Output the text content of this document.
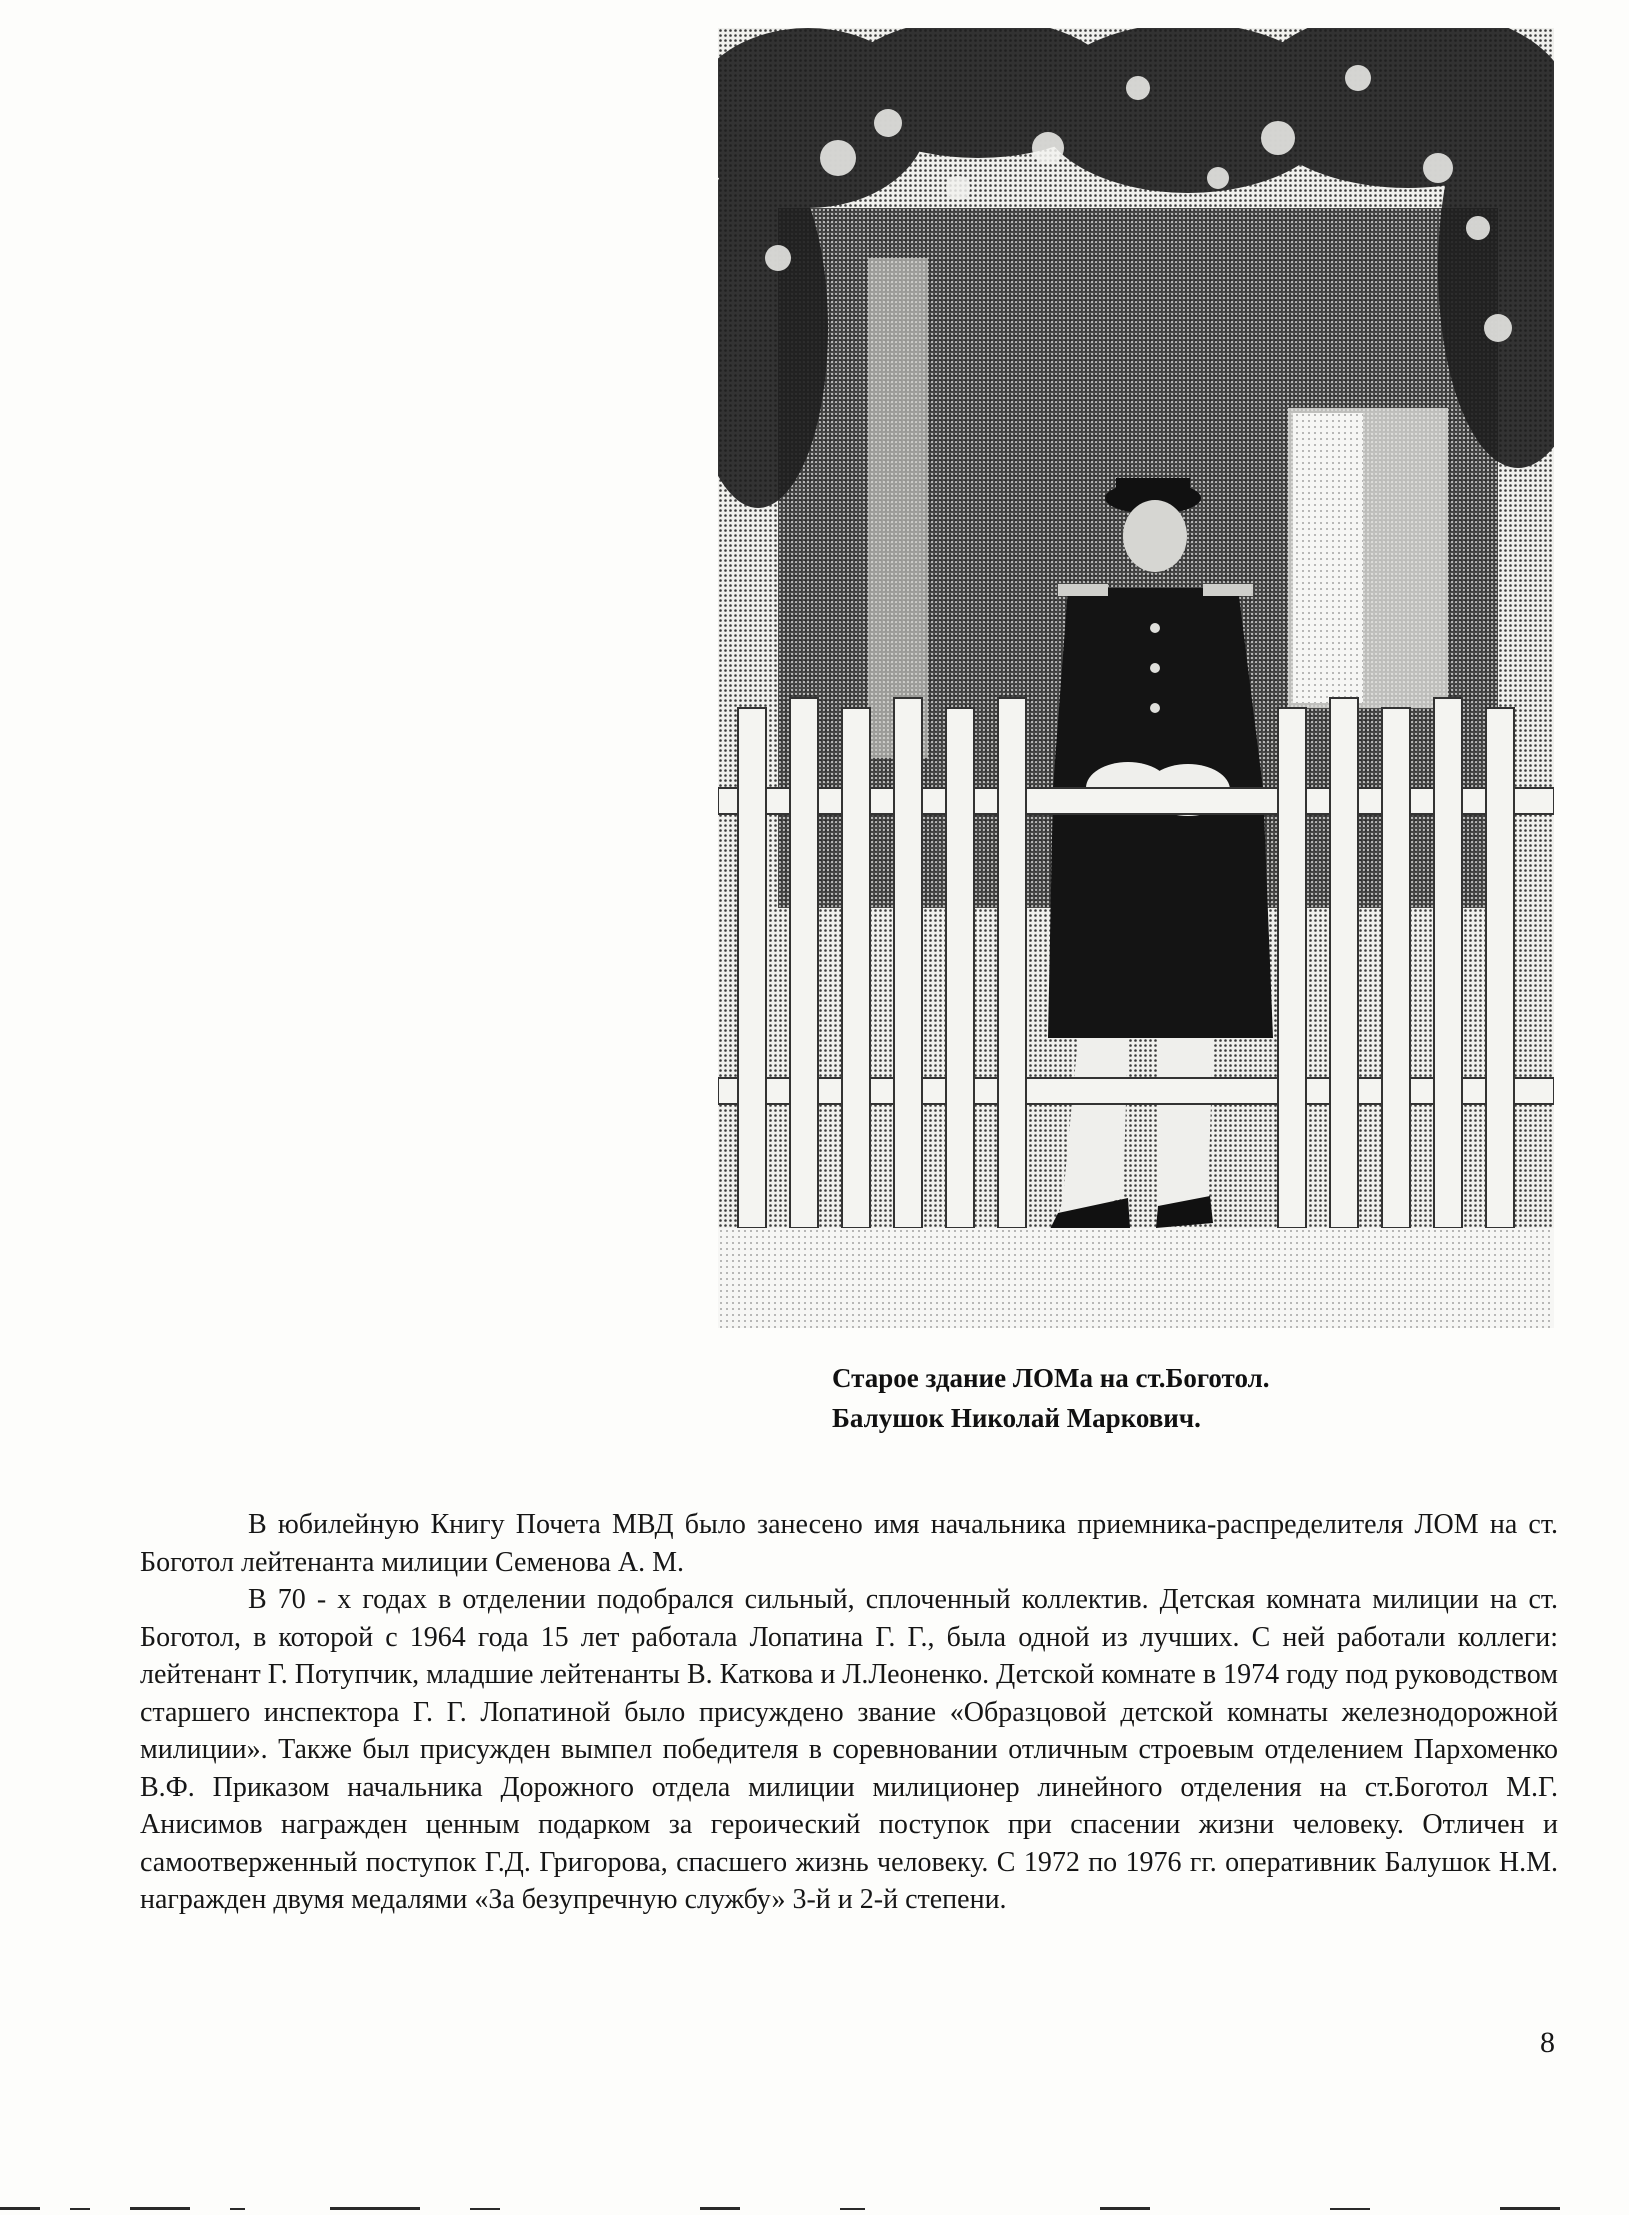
Старое здание ЛОМа на ст.Боготол.
Балушок Николай Маркович.

В юбилейную Книгу Почета МВД было занесено имя начальника приемника-распределителя ЛОМ на ст. Боготол лейтенанта милиции Семенова А. М.

В 70 - х годах в отделении подобрался сильный, сплоченный коллектив. Детская комната милиции на ст. Боготол, в которой с 1964 года 15 лет работала Лопатина Г. Г., была одной из лучших. С ней работали коллеги: лейтенант Г. Потупчик, младшие лейтенанты В. Каткова и Л.Леоненко. Детской комнате в 1974 году под руководством старшего инспектора Г. Г. Лопатиной было присуждено звание «Образцовой детской комнаты железнодорожной милиции». Также был присужден вымпел победителя в соревновании отличным строевым отделением Пархоменко В.Ф. Приказом начальника Дорожного отдела милиции милиционер линейного отделения на ст.Боготол М.Г. Анисимов награжден ценным подарком за героический поступок при спасении жизни человеку. Отличен и самоотверженный поступок Г.Д. Григорова, спасшего жизнь человеку. С 1972 по 1976 гг. оперативник Балушок Н.М. награжден двумя медалями «За безупречную службу» 3-й и 2-й степени.

8
